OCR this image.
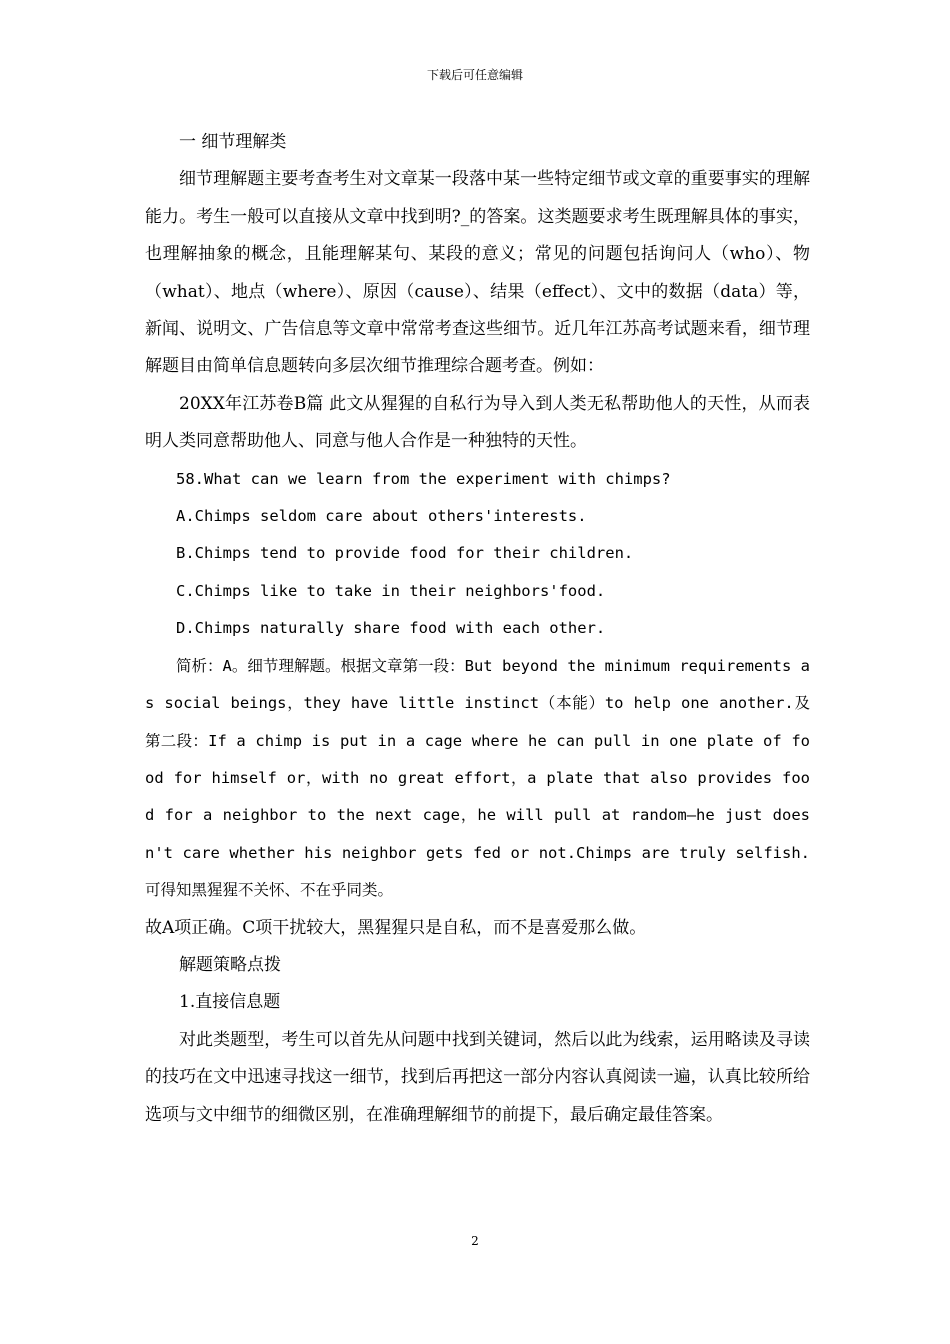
下载后可任意编辑

一 细节理解类

细节理解题主要考查考生对文章某一段落中某一些特定细节或文章的重要事实的理解能力。考生一般可以直接从文章中找到明?_的答案。这类题要求考生既理解具体的事实，也理解抽象的概念，且能理解某句、某段的意义；常见的问题包括询问人（who）、物（what）、地点（where）、原因（cause）、结果（effect）、文中的数据（data）等，新闻、说明文、广告信息等文章中常常考查这些细节。近几年江苏高考试题来看，细节理解题目由简单信息题转向多层次细节推理综合题考查。例如：

20XX年江苏卷B篇 此文从猩猩的自私行为导入到人类无私帮助他人的天性，从而表明人类同意帮助他人、同意与他人合作是一种独特的天性。

58.What can we learn from the experiment with chimps?

A.Chimps seldom care about others'interests.

B.Chimps tend to provide food for their children.

C.Chimps like to take in their neighbors'food.

D.Chimps naturally share food with each other.

简析：A。细节理解题。根据文章第一段：But beyond the minimum requirements as social beings，they have little instinct（本能）to help one another.及第二段：If a chimp is put in a cage where he can pull in one plate of food for himself or，with no great effort，a plate that also provides food for a neighbor to the next cage，he will pull at random—he just doesn't care whether his neighbor gets fed or not.Chimps are truly selfish.可得知黑猩猩不关怀、不在乎同类。

故A项正确。C项干扰较大，黑猩猩只是自私，而不是喜爱那么做。

解题策略点拨

1.直接信息题

对此类题型，考生可以首先从问题中找到关键词，然后以此为线索，运用略读及寻读的技巧在文中迅速寻找这一细节，找到后再把这一部分内容认真阅读一遍，认真比较所给选项与文中细节的细微区别，在准确理解细节的前提下，最后确定最佳答案。

2
